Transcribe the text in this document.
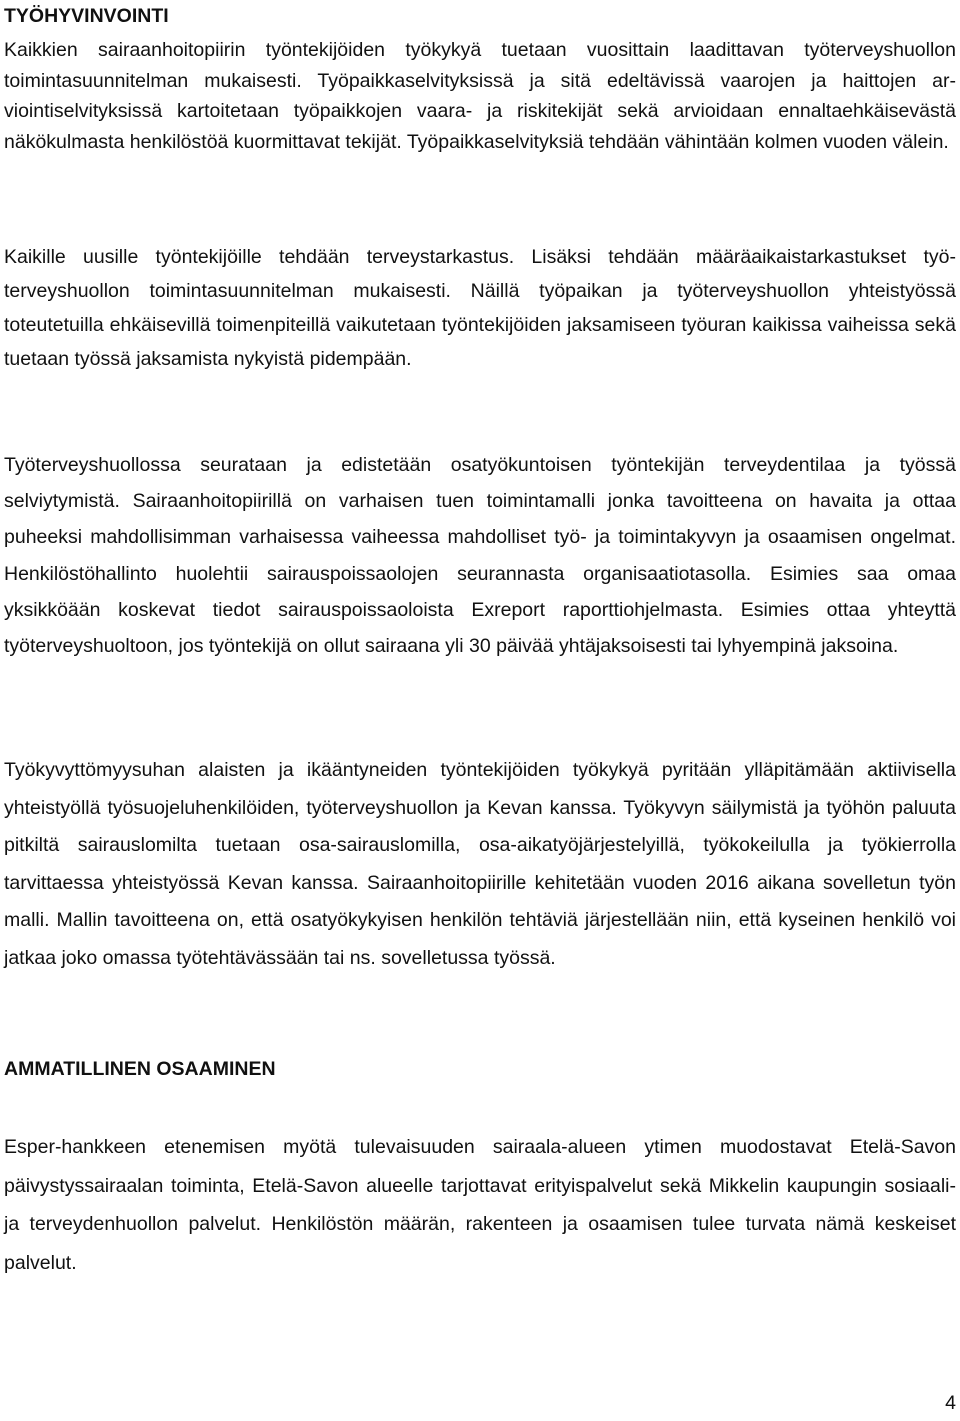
TYÖHYVINVOINTI

Kaikkien sairaanhoitopiirin työntekijöiden työkykyä tuetaan vuosittain laadittavan työterveyshuollon toimintasuunnitelman mukaisesti. Työpaikkaselvityksissä ja sitä edeltävissä vaarojen ja haittojen arviointiselvityksissä kartoitetaan työpaikkojen vaara- ja riskitekijät sekä arvioidaan ennaltaehkäisevästä näkökulmasta henkilöstöä kuormittavat tekijät. Työpaikkaselvityksiä tehdään vähintään kolmen vuoden välein.

Kaikille uusille työntekijöille tehdään terveystarkastus. Lisäksi tehdään määräaikaistarkastukset työterveyshuollon toimintasuunnitelman mukaisesti. Näillä työpaikan ja työterveyshuollon yhteistyössä toteutetuilla ehkäisevillä toimenpiteillä vaikutetaan työntekijöiden jaksamiseen työuran kaikissa vaiheissa sekä tuetaan työssä jaksamista nykyistä pidempään.

Työterveyshuollossa seurataan ja edistetään osatyökuntoisen työntekijän terveydentilaa ja työssä selviytymistä. Sairaanhoitopiirillä on varhaisen tuen toimintamalli jonka tavoitteena on havaita ja ottaa puheeksi mahdollisimman varhaisessa vaiheessa mahdolliset työ- ja toimintakyvyn ja osaamisen ongelmat. Henkilöstöhallinto huolehtii sairauspoissaolojen seurannasta organisaatiotasolla. Esimies saa omaa yksikköään koskevat tiedot sairauspoissaoloista Exreport raporttiohjelmasta. Esimies ottaa yhteyttä työterveyshuoltoon, jos työntekijä on ollut sairaana yli 30 päivää yhtäjaksoisesti tai lyhyempinä jaksoina.

Työkyvyttömyysuhan alaisten ja ikääntyneiden työntekijöiden työkykyä pyritään ylläpitämään aktiivisella yhteistyöllä työsuojeluhenkilöiden, työterveyshuollon ja Kevan kanssa. Työkyvyn säilymistä ja työhön paluuta pitkiltä sairauslomilta tuetaan osa-sairauslomilla, osa-aikatyöjärjestelyillä, työkokeilulla ja työkierrolla tarvittaessa yhteistyössä Kevan kanssa. Sairaanhoitopiirille kehitetään vuoden 2016 aikana sovelletun työn malli. Mallin tavoitteena on, että osatyökykyisen henkilön tehtäviä järjestellään niin, että kyseinen henkilö voi jatkaa joko omassa työtehtävässään tai ns. sovelletussa työssä.

AMMATILLINEN OSAAMINEN

Esper-hankkeen etenemisen myötä tulevaisuuden sairaala-alueen ytimen muodostavat Etelä-Savon päivystyssairaalan toiminta, Etelä-Savon alueelle tarjottavat erityispalvelut sekä Mikkelin kaupungin sosiaali- ja terveydenhuollon palvelut. Henkilöstön määrän, rakenteen ja osaamisen tulee turvata nämä keskeiset palvelut.

4
